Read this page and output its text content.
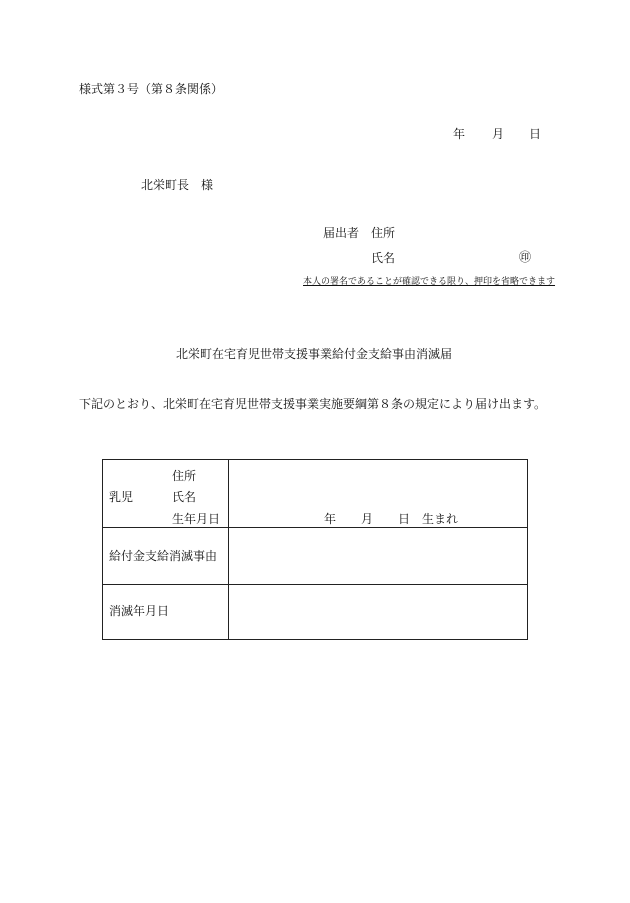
様式第３号（第８条関係）
年 月 日
北栄町長　様
届出者 住所
氏名	㊞
本人の署名であることが確認できる限り、押印を省略できます
北栄町在宅育児世帯支援事業給付金支給事由消滅届
下記のとおり、北栄町在宅育児世帯支援事業実施要綱第８条の規定により届け出ます。
住所
乳児 氏名
生年月日	年 月 日 生まれ

給付金支給消滅事由	

消滅年月日	
